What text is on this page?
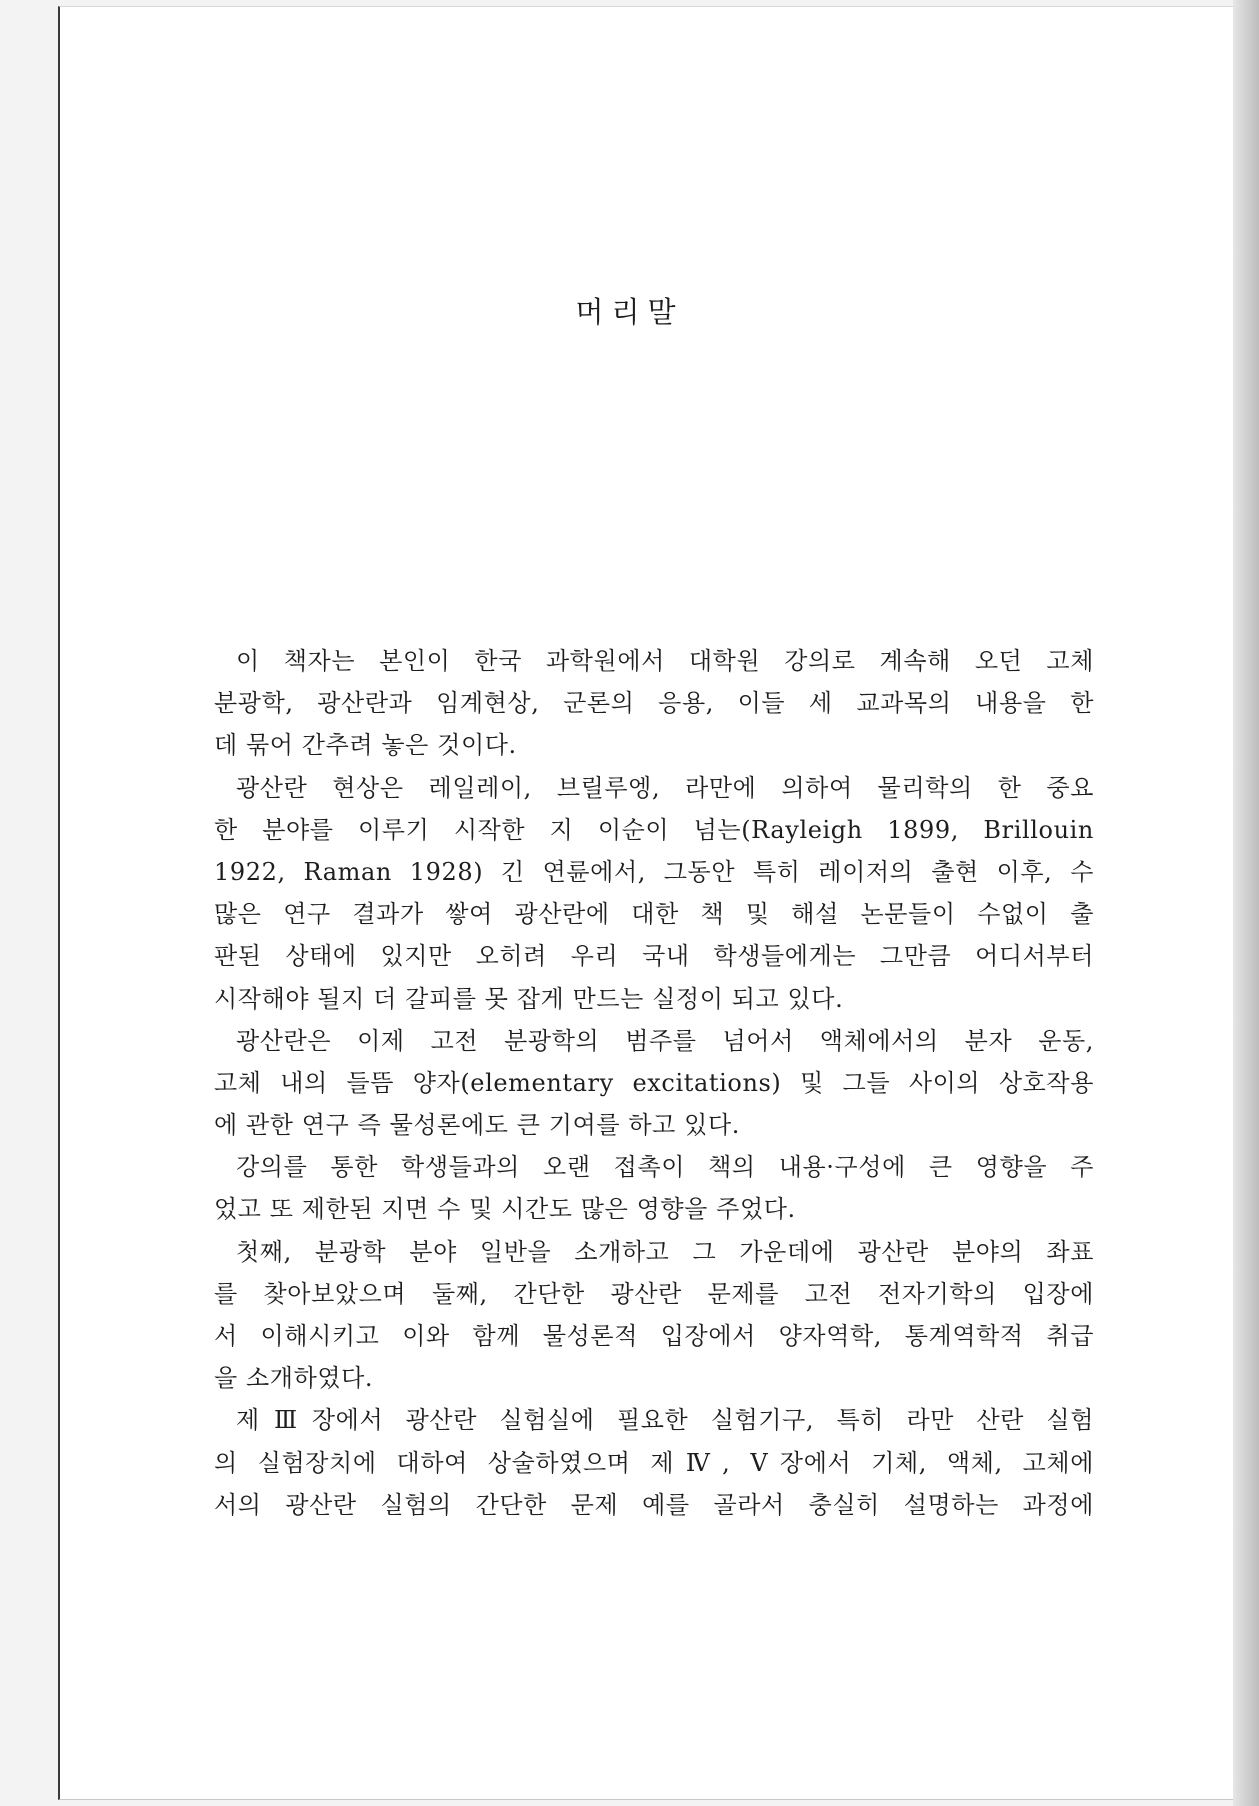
머리말
이 책자는 본인이 한국 과학원에서 대학원 강의로 계속해 오던 고체
분광학, 광산란과 임계현상, 군론의 응용, 이들 세 교과목의 내용을 한
데 묶어 간추려 놓은 것이다.
광산란 현상은 레일레이, 브릴루엥, 라만에 의하여 물리학의 한 중요
한 분야를 이루기 시작한 지 이순이 넘는(Rayleigh 1899, Brillouin
1922, Raman 1928) 긴 연륜에서, 그동안 특히 레이저의 출현 이후, 수
많은 연구 결과가 쌓여 광산란에 대한 책 및 해설 논문들이 수없이 출
판된 상태에 있지만 오히려 우리 국내 학생들에게는 그만큼 어디서부터
시작해야 될지 더 갈피를 못 잡게 만드는 실정이 되고 있다.
광산란은 이제 고전 분광학의 범주를 넘어서 액체에서의 분자 운동,
고체 내의 들뜸 양자(elementary excitations) 및 그들 사이의 상호작용
에 관한 연구 즉 물성론에도 큰 기여를 하고 있다.
강의를 통한 학생들과의 오랜 접촉이 책의 내용·구성에 큰 영향을 주
었고 또 제한된 지면 수 및 시간도 많은 영향을 주었다.
첫째, 분광학 분야 일반을 소개하고 그 가운데에 광산란 분야의 좌표
를 찾아보았으며 둘째, 간단한 광산란 문제를 고전 전자기학의 입장에
서 이해시키고 이와 함께 물성론적 입장에서 양자역학, 통계역학적 취급
을 소개하였다.
제Ⅲ장에서 광산란 실험실에 필요한 실험기구, 특히 라만 산란 실험
의 실험장치에 대하여 상술하였으며 제Ⅳ, Ⅴ장에서 기체, 액체, 고체에
서의 광산란 실험의 간단한 문제 예를 골라서 충실히 설명하는 과정에
